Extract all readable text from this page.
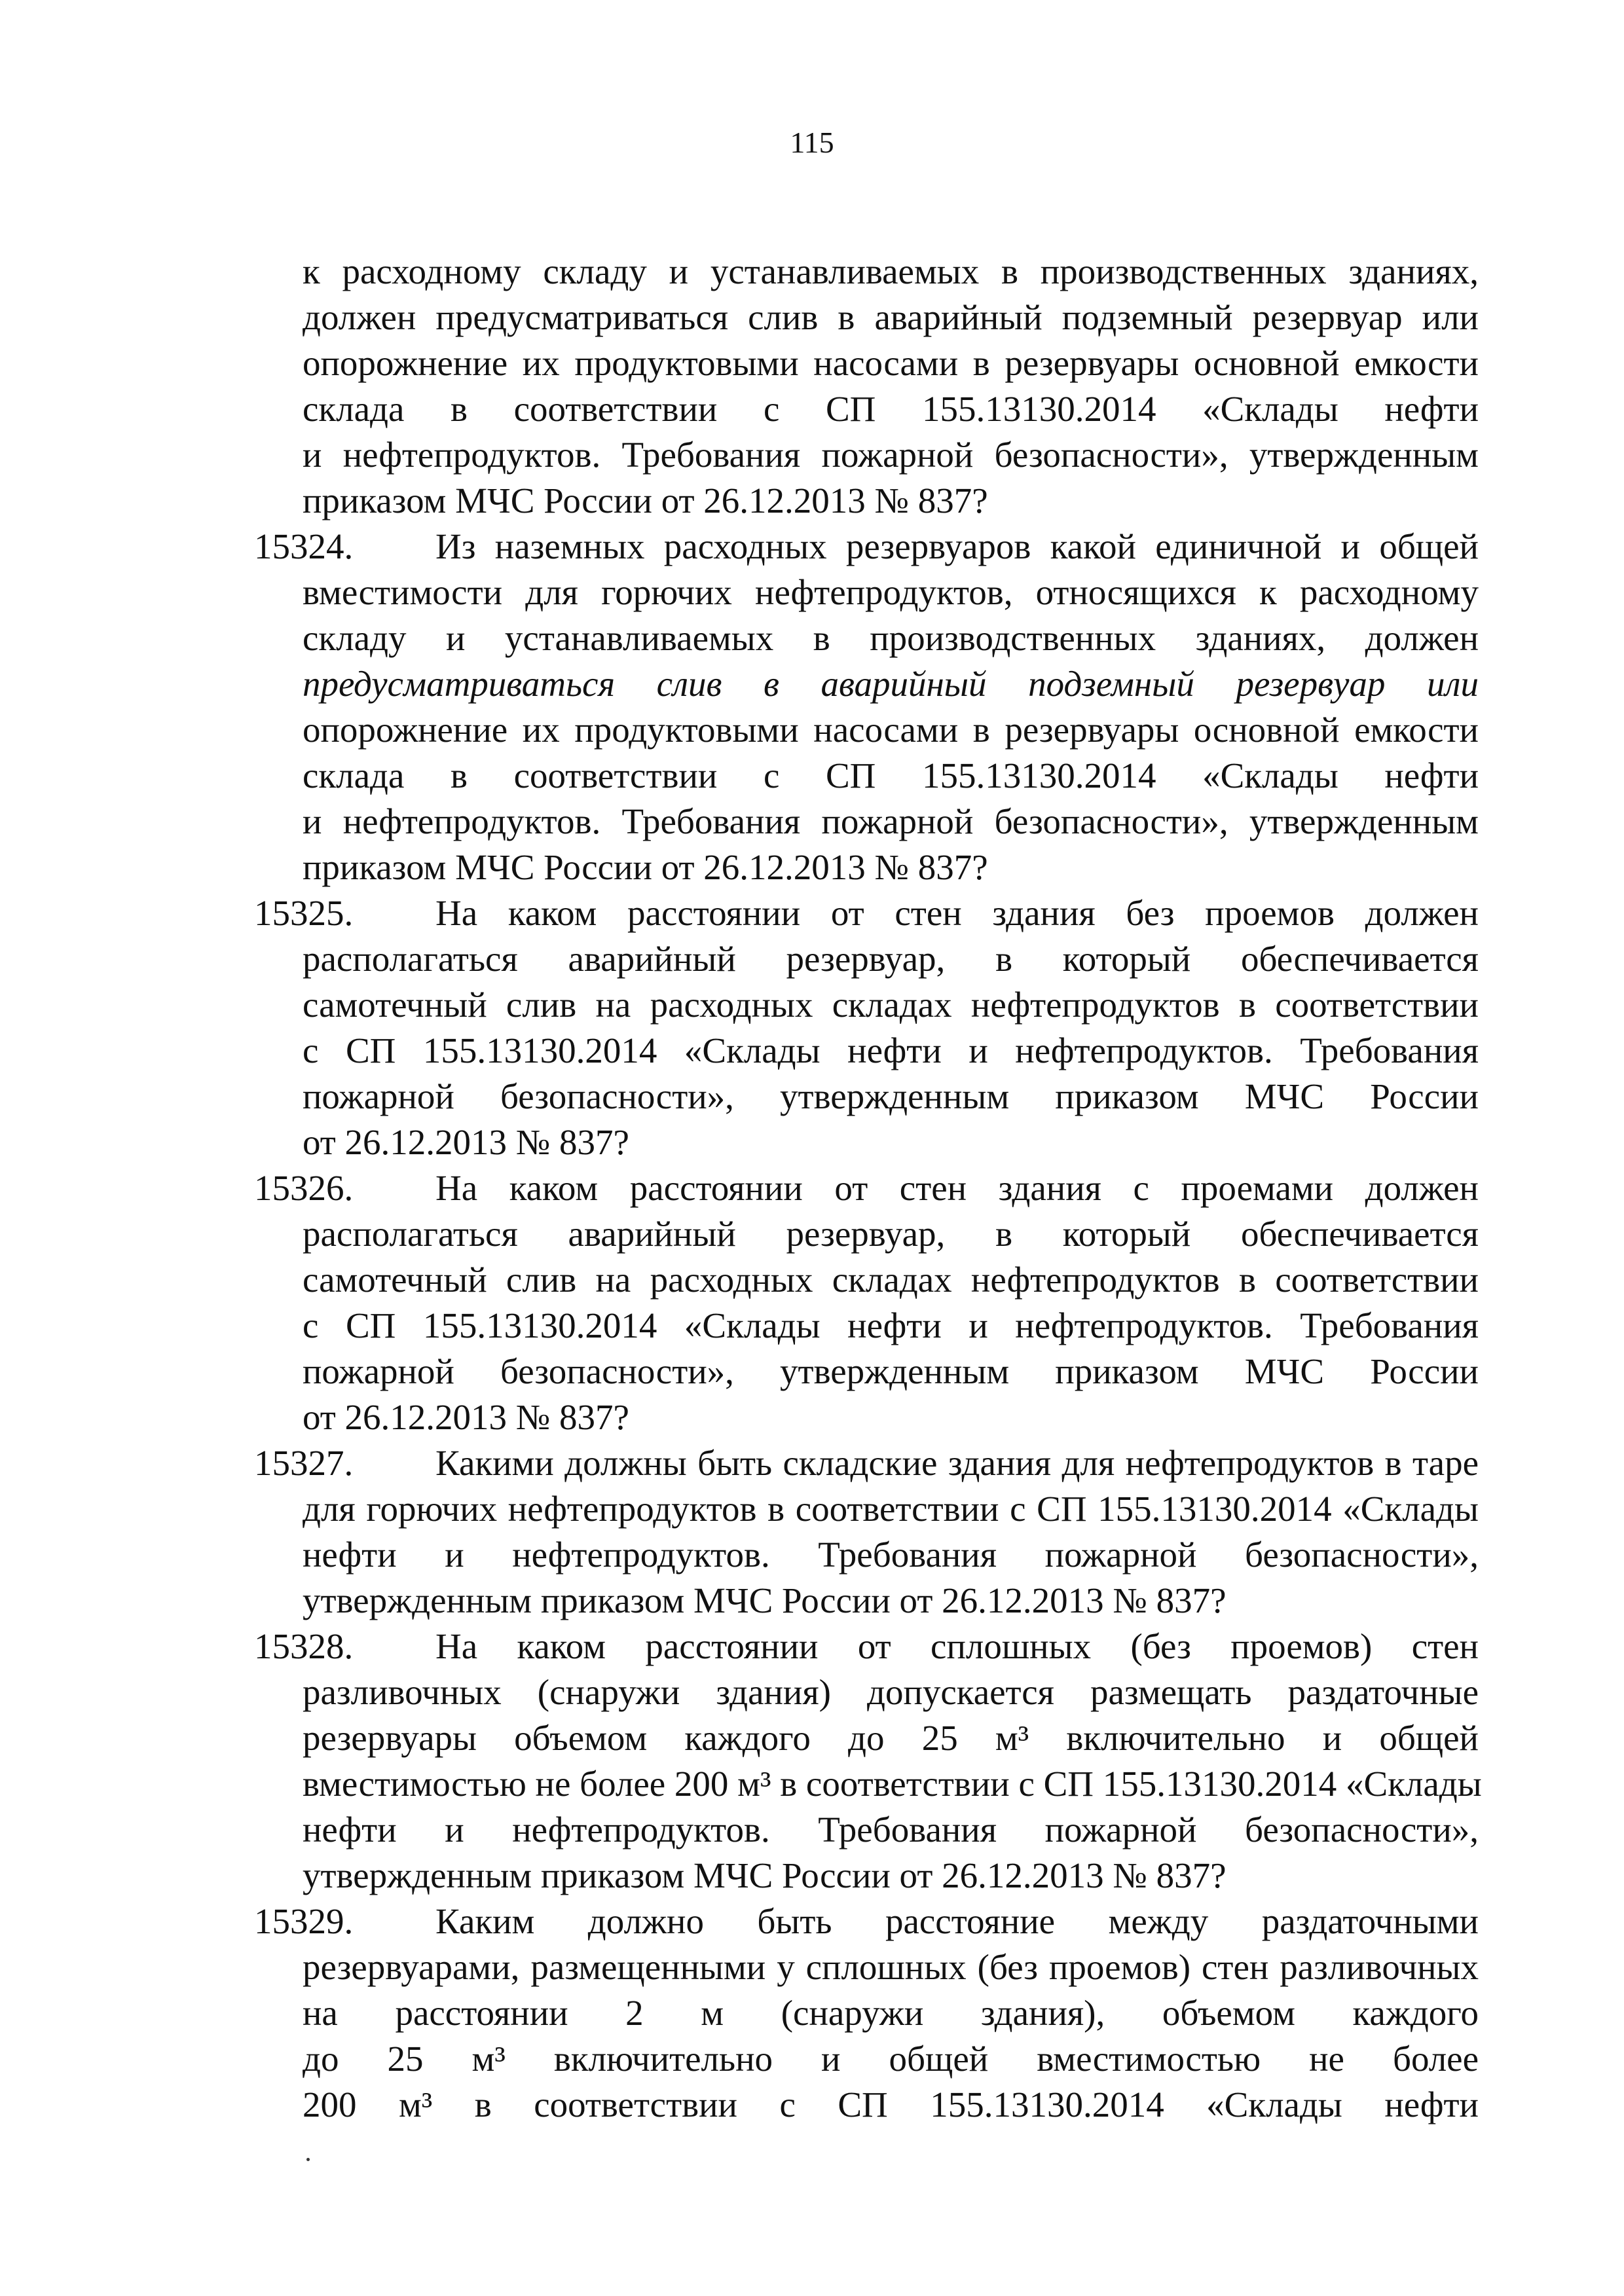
115
к расходному складу и устанавливаемых в производственных зданиях,
должен предусматриваться слив в аварийный подземный резервуар или
опорожнение их продуктовыми насосами в резервуары основной емкости
склада в соответствии с СП 155.13130.2014 «Склады нефти
и нефтепродуктов. Требования пожарной безопасности», утвержденным
приказом МЧС России от 26.12.2013 № 837?
15324. Из наземных расходных резервуаров какой единичной и общей
вместимости для горючих нефтепродуктов, относящихся к расходному
складу и устанавливаемых в производственных зданиях, должен
предусматриваться слив в аварийный подземный резервуар или
опорожнение их продуктовыми насосами в резервуары основной емкости
склада в соответствии с СП 155.13130.2014 «Склады нефти
и нефтепродуктов. Требования пожарной безопасности», утвержденным
приказом МЧС России от 26.12.2013 № 837?
15325. На каком расстоянии от стен здания без проемов должен
располагаться аварийный резервуар, в который обеспечивается
самотечный слив на расходных складах нефтепродуктов в соответствии
с СП 155.13130.2014 «Склады нефти и нефтепродуктов. Требования
пожарной безопасности», утвержденным приказом МЧС России
от 26.12.2013 № 837?
15326. На каком расстоянии от стен здания с проемами должен
располагаться аварийный резервуар, в который обеспечивается
самотечный слив на расходных складах нефтепродуктов в соответствии
с СП 155.13130.2014 «Склады нефти и нефтепродуктов. Требования
пожарной безопасности», утвержденным приказом МЧС России
от 26.12.2013 № 837?
15327. Какими должны быть складские здания для нефтепродуктов в таре
для горючих нефтепродуктов в соответствии с СП 155.13130.2014 «Склады
нефти и нефтепродуктов. Требования пожарной безопасности»,
утвержденным приказом МЧС России от 26.12.2013 № 837?
15328. На каком расстоянии от сплошных (без проемов) стен
разливочных (снаружи здания) допускается размещать раздаточные
резервуары объемом каждого до 25 м³ включительно и общей
вместимостью не более 200 м³ в соответствии с СП 155.13130.2014 «Склады
нефти и нефтепродуктов. Требования пожарной безопасности»,
утвержденным приказом МЧС России от 26.12.2013 № 837?
15329. Каким должно быть расстояние между раздаточными
резервуарами, размещенными у сплошных (без проемов) стен разливочных
на расстоянии 2 м (снаружи здания), объемом каждого
до 25 м³ включительно и общей вместимостью не более
200 м³ в соответствии с СП 155.13130.2014 «Склады нефти
